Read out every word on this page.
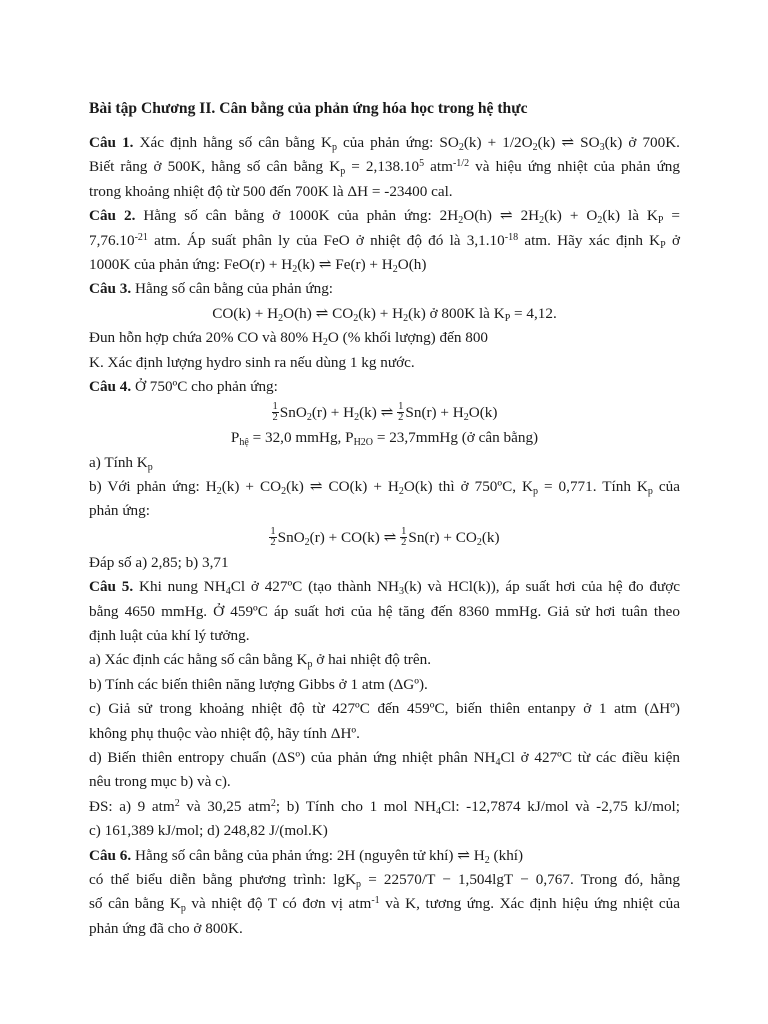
Bài tập Chương II. Cân bằng của phản ứng hóa học trong hệ thực
Câu 1. Xác định hằng số cân bằng $K_p$ của phản ứng: $SO_2(k) + 1/2O_2(k)$ ⇌ $SO_3(k)$ ở 700K.
Biết rằng ở 500K, hằng số cân bằng $K_p = 2,138.10^5$ atm$^{-1/2}$ và hiệu ứng nhiệt của phản ứng
trong khoảng nhiệt độ từ 500 đến 700K là ΔH = -23400 cal.
Câu 2. Hằng số cân bằng ở 1000K của phản ứng: $2H_2O(h)$ ⇌ $2H_2(k) + O_2(k)$ là $K_P$ =
$7,76.10^{-21}$ atm. Áp suất phân ly của FeO ở nhiệt độ đó là $3,1.10^{-18}$ atm. Hãy xác định $K_P$ ở
1000K của phản ứng: $FeO(r) + H_2(k)$ ⇌ $Fe(r) + H_2O(h)$
Câu 3. Hằng số cân bằng của phản ứng:
$CO(k) + H_2O(h)$ ⇌ $CO_2(k) + H_2(k)$ ở 800K là $K_P = 4,12$.
Đun hỗn hợp chứa 20% CO và 80% $H_2O$ (% khối lượng) đến 800
K. Xác định lượng hydro sinh ra nếu dùng 1 kg nước.
Câu 4. Ở 750ºC cho phản ứng:
$\frac{1}{2} SnO_2(r) + H_2(k)$ ⇌ $\frac{1}{2} Sn(r) + H_2O(k)$
$P_{hệ} = 32,0$ mmHg, $P_{H2O}$ = 23,7mmHg (ở cân bằng)
a) Tính $K_p$
b) Với phản ứng: $H_2(k) + CO_2(k)$ ⇌ $CO(k) + H_2O(k)$ thì ở 750ºC, $K_p = 0,771$. Tính $K_p$ của
phản ứng:
$\frac{1}{2} SnO_2(r) + CO(k)$ ⇌ $\frac{1}{2} Sn(r) + CO_2(k)$
Đáp số a) 2,85; b) 3,71
Câu 5. Khi nung $NH_4Cl$ ở 427ºC (tạo thành $NH_3(k)$ và HCl(k)), áp suất hơi của hệ đo được
bằng 4650 mmHg. Ở 459ºC áp suất hơi của hệ tăng đến 8360 mmHg. Giả sử hơi tuân theo
định luật của khí lý tưởng.
a) Xác định các hằng số cân bằng $K_p$ ở hai nhiệt độ trên.
b) Tính các biến thiên năng lượng Gibbs ở 1 atm (ΔGº).
c) Giả sử trong khoảng nhiệt độ từ 427ºC đến 459ºC, biến thiên entanpy ở 1 atm (ΔHº)
không phụ thuộc vào nhiệt độ, hãy tính ΔHº.
d) Biến thiên entropy chuẩn (ΔSº) của phản ứng nhiệt phân $NH_4Cl$ ở 427ºC từ các điều kiện
nêu trong mục b) và c).
ĐS: a) 9 atm$^2$ và 30,25 atm$^2$; b) Tính cho 1 mol $NH_4Cl$: -12,7874 kJ/mol và -2,75 kJ/mol;
c) 161,389 kJ/mol; d) 248,82 J/(mol.K)
Câu 6. Hằng số cân bằng của phản ứng: 2H (nguyên tử khí) ⇌ $H_2$ (khí)
có thể biểu diễn bằng phương trình: lgK$_p$ = 22570/T − 1,504lgT − 0,767. Trong đó, hằng
số cân bằng $K_p$ và nhiệt độ T có đơn vị atm$^{-1}$ và K, tương ứng. Xác định hiệu ứng nhiệt của
phản ứng đã cho ở 800K.
